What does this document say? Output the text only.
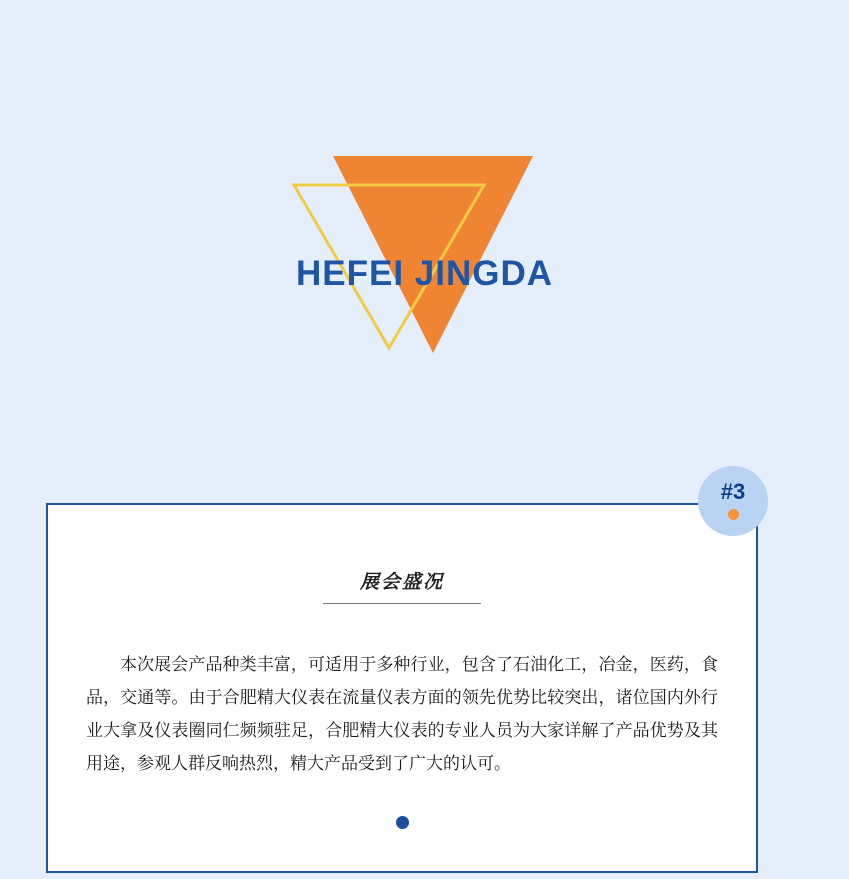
HEFEI JINGDA
#3
展会盛况
本次展会产品种类丰富，可适用于多种行业，包含了石油化工，冶金，医药，食品，交通等。由于合肥精大仪表在流量仪表方面的领先优势比较突出，诸位国内外行业大拿及仪表圈同仁频频驻足，合肥精大仪表的专业人员为大家详解了产品优势及其用途，参观人群反响热烈，精大产品受到了广大的认可。
